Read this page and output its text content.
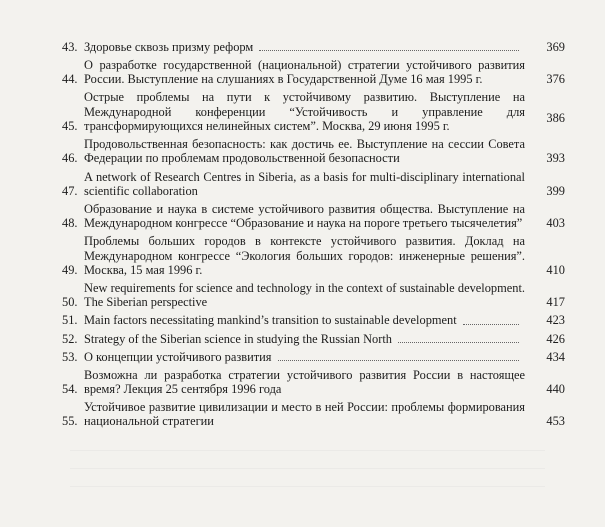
43. Здоровье сквозь призму реформ	369
44.
О разработке государственной (национальной) стратегии устойчивого развития России. Выступление на слушаниях в Государственной Думе 16 мая 1995 г.	376
45.
Острые проблемы на пути к устойчивому развитию. Выступление на Международной конференции “Устойчивость и управление для трансформирующихся нелинейных систем”. Москва, 29 июня 1995 г.
386
46.
Продовольственная безопасность: как достичь ее. Выступление на сессии Совета Федерации по проблемам продовольственной безопасности	393
47.
A network of Research Centres in Siberia, as a basis for multi-disciplinary international scientific collaboration	399
48.
Образование и наука в системе устойчивого развития общества. Выступление на Международном конгрессе “Образование и наука на пороге третьего тысячелетия”	403
49.
Проблемы больших городов в контексте устойчивого развития. Доклад на Международном конгрессе “Экология больших городов: инженерные решения”. Москва, 15 мая 1996 г.	410
50.
New requirements for science and technology in the context of sustainable development. The Siberian perspective	417
51. Main factors necessitating mankind’s transition to sustainable development	423
52. Strategy of the Siberian science in studying the Russian North	426
53. О концепции устойчивого развития	434
54.
Возможна ли разработка стратегии устойчивого развития России в настоящее время? Лекция 25 сентября 1996 года	440
55.
Устойчивое развитие цивилизации и место в ней России: проблемы формирования национальной стратегии	453
